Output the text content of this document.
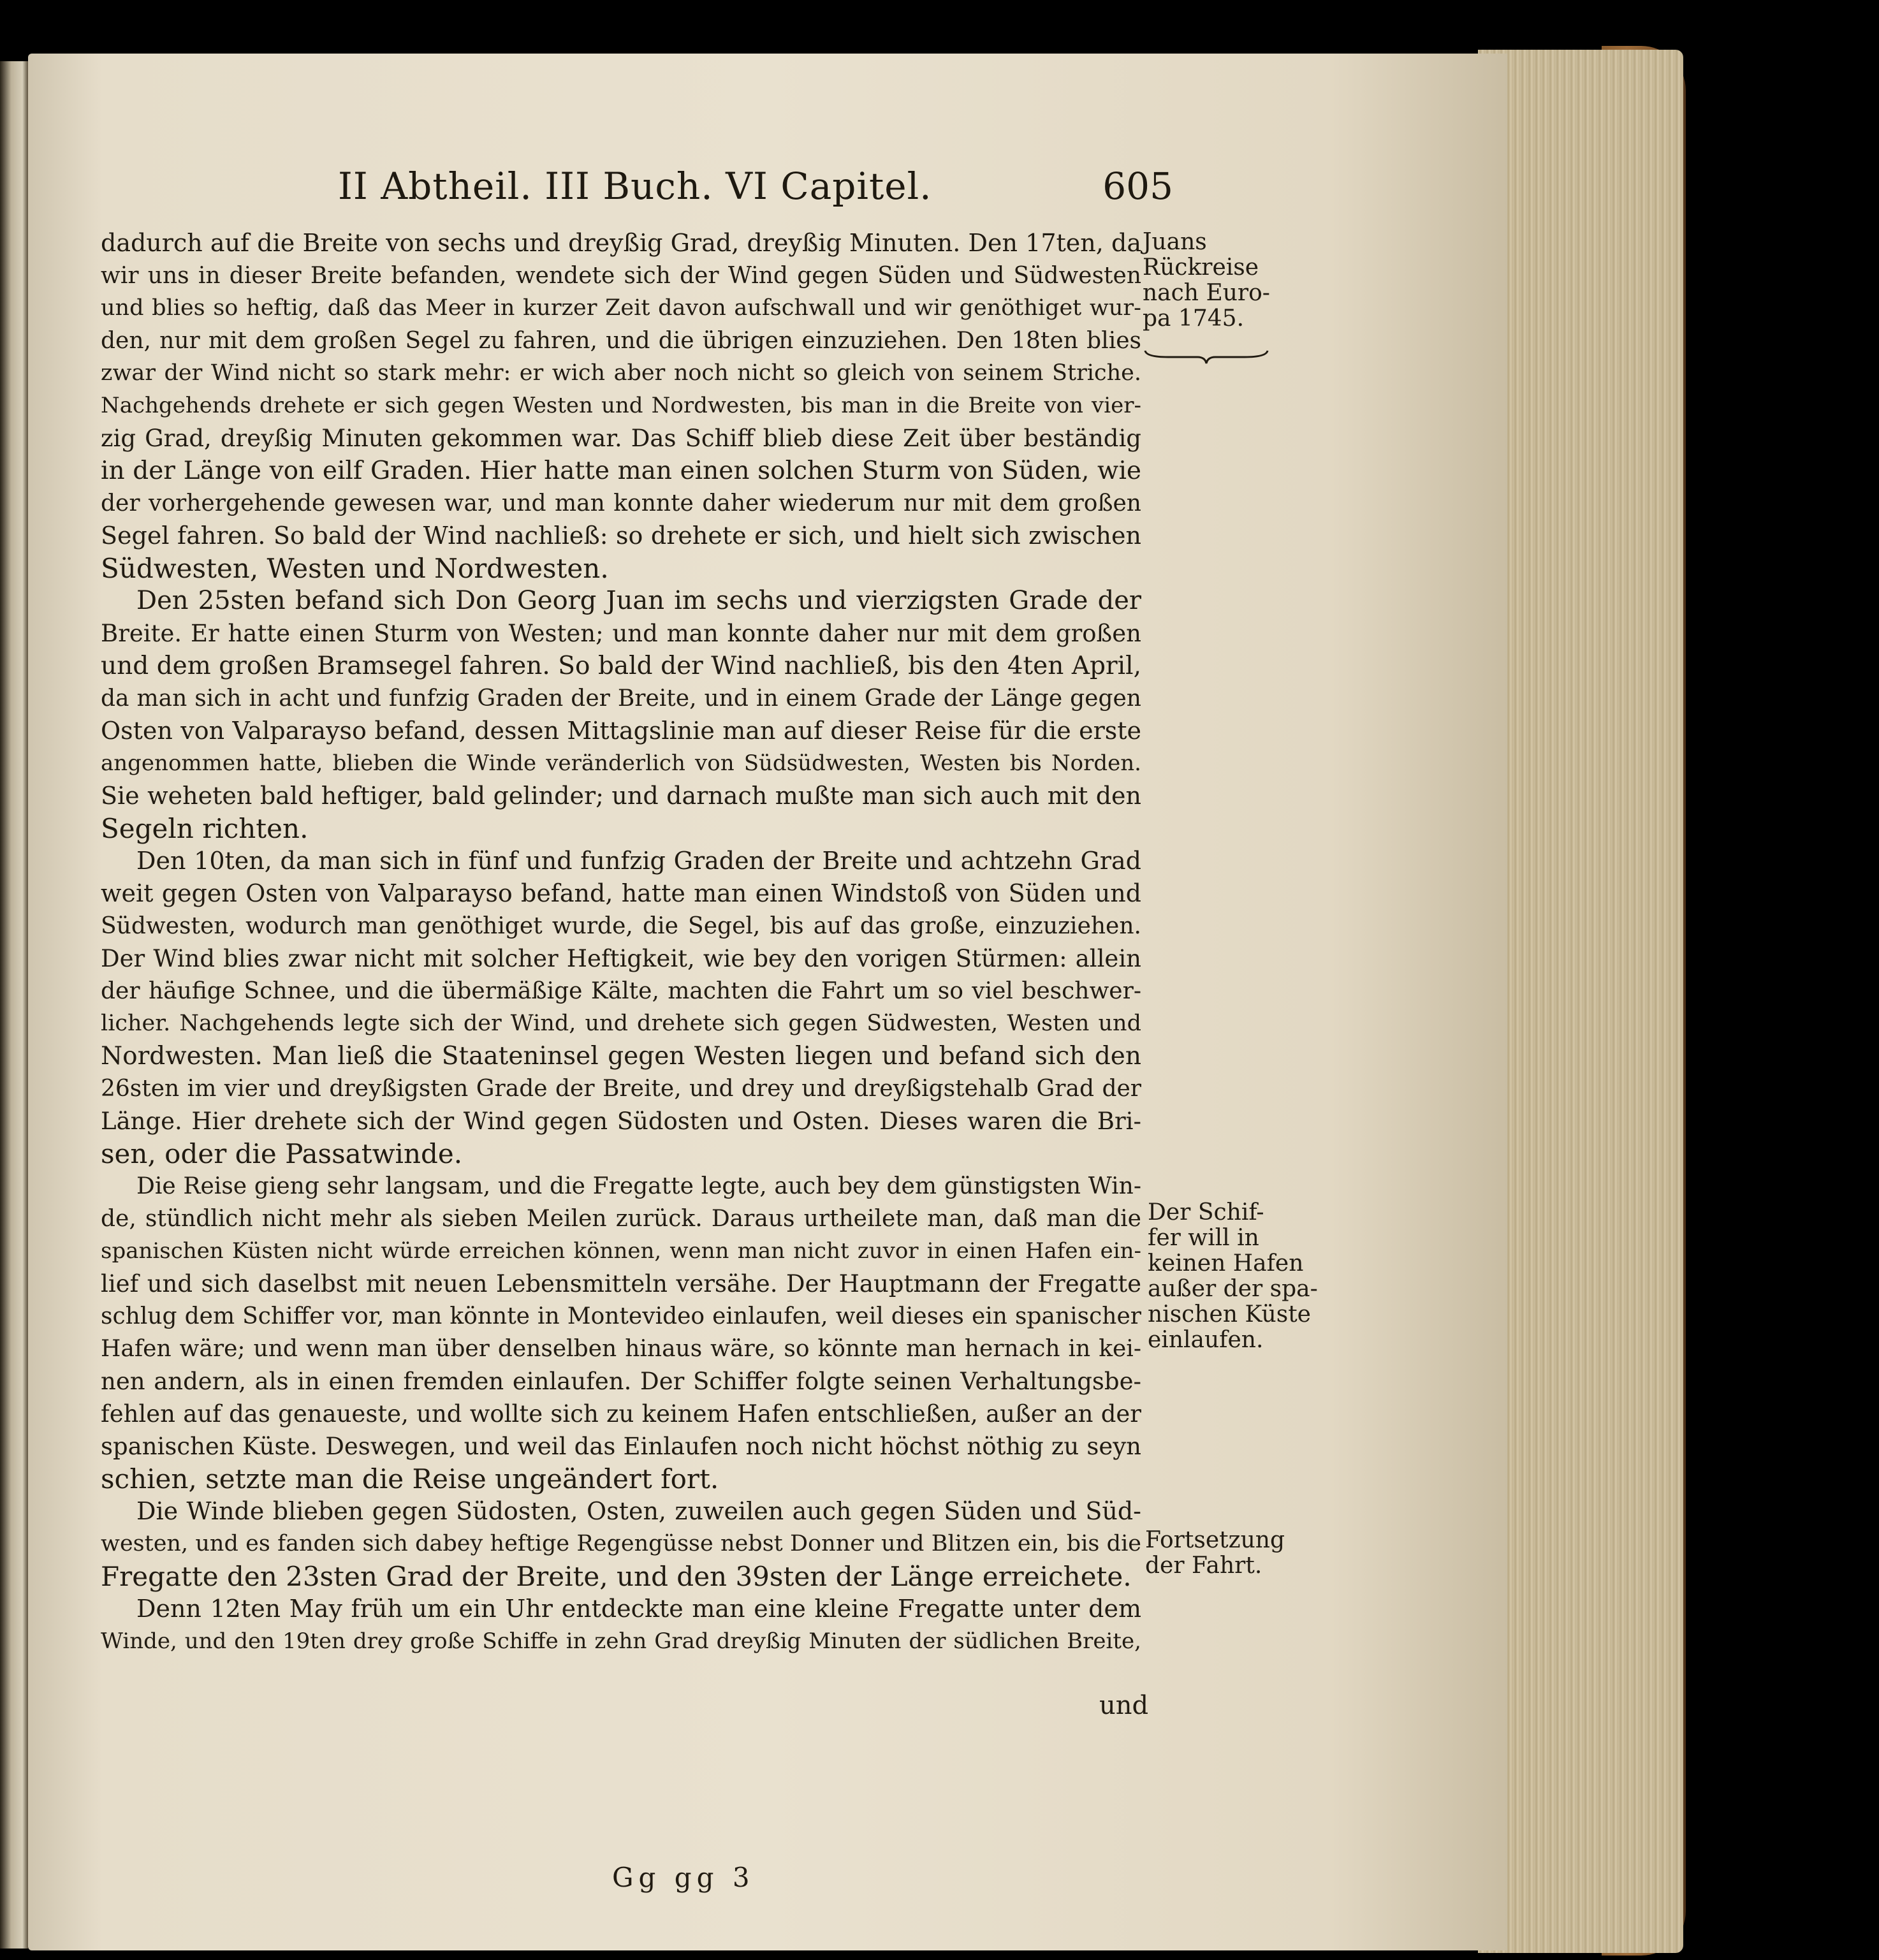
II Abtheil. III Buch. VI Capitel.	605
dadurch auf die Breite von sechs und dreyßig Grad, dreyßig Minuten. Den 17ten, da
wir uns in dieser Breite befanden, wendete sich der Wind gegen Süden und Südwesten
und blies so heftig, daß das Meer in kurzer Zeit davon aufschwall und wir genöthiget wur-
den, nur mit dem großen Segel zu fahren, und die übrigen einzuziehen. Den 18ten blies
zwar der Wind nicht so stark mehr: er wich aber noch nicht so gleich von seinem Striche.
Nachgehends drehete er sich gegen Westen und Nordwesten, bis man in die Breite von vier-
zig Grad, dreyßig Minuten gekommen war. Das Schiff blieb diese Zeit über beständig
in der Länge von eilf Graden. Hier hatte man einen solchen Sturm von Süden, wie
der vorhergehende gewesen war, und man konnte daher wiederum nur mit dem großen
Segel fahren. So bald der Wind nachließ: so drehete er sich, und hielt sich zwischen
Südwesten, Westen und Nordwesten.
Den 25sten befand sich Don Georg Juan im sechs und vierzigsten Grade der
Breite. Er hatte einen Sturm von Westen; und man konnte daher nur mit dem großen
und dem großen Bramsegel fahren. So bald der Wind nachließ, bis den 4ten April,
da man sich in acht und funfzig Graden der Breite, und in einem Grade der Länge gegen
Osten von Valparayso befand, dessen Mittagslinie man auf dieser Reise für die erste
angenommen hatte, blieben die Winde veränderlich von Südsüdwesten, Westen bis Norden.
Sie weheten bald heftiger, bald gelinder; und darnach mußte man sich auch mit den
Segeln richten.
Den 10ten, da man sich in fünf und funfzig Graden der Breite und achtzehn Grad
weit gegen Osten von Valparayso befand, hatte man einen Windstoß von Süden und
Südwesten, wodurch man genöthiget wurde, die Segel, bis auf das große, einzuziehen.
Der Wind blies zwar nicht mit solcher Heftigkeit, wie bey den vorigen Stürmen: allein
der häufige Schnee, und die übermäßige Kälte, machten die Fahrt um so viel beschwer-
licher. Nachgehends legte sich der Wind, und drehete sich gegen Südwesten, Westen und
Nordwesten. Man ließ die Staateninsel gegen Westen liegen und befand sich den
26sten im vier und dreyßigsten Grade der Breite, und drey und dreyßigstehalb Grad der
Länge. Hier drehete sich der Wind gegen Südosten und Osten. Dieses waren die Bri-
sen, oder die Passatwinde.
Die Reise gieng sehr langsam, und die Fregatte legte, auch bey dem günstigsten Win-
de, stündlich nicht mehr als sieben Meilen zurück. Daraus urtheilete man, daß man die
spanischen Küsten nicht würde erreichen können, wenn man nicht zuvor in einen Hafen ein-
lief und sich daselbst mit neuen Lebensmitteln versähe. Der Hauptmann der Fregatte
schlug dem Schiffer vor, man könnte in Montevideo einlaufen, weil dieses ein spanischer
Hafen wäre; und wenn man über denselben hinaus wäre, so könnte man hernach in kei-
nen andern, als in einen fremden einlaufen. Der Schiffer folgte seinen Verhaltungsbe-
fehlen auf das genaueste, und wollte sich zu keinem Hafen entschließen, außer an der
spanischen Küste. Deswegen, und weil das Einlaufen noch nicht höchst nöthig zu seyn
schien, setzte man die Reise ungeändert fort.
Die Winde blieben gegen Südosten, Osten, zuweilen auch gegen Süden und Süd-
westen, und es fanden sich dabey heftige Regengüsse nebst Donner und Blitzen ein, bis die
Fregatte den 23sten Grad der Breite, und den 39sten der Länge erreichete.
Denn 12ten May früh um ein Uhr entdeckte man eine kleine Fregatte unter dem
Winde, und den 19ten drey große Schiffe in zehn Grad dreyßig Minuten der südlichen Breite,
und
Gg gg 3
Juans
Rückreise
nach Euro-
pa 1745.
Der Schif-
fer will in
keinen Hafen
außer der spa-
nischen Küste
einlaufen.
Fortsetzung
der Fahrt.
